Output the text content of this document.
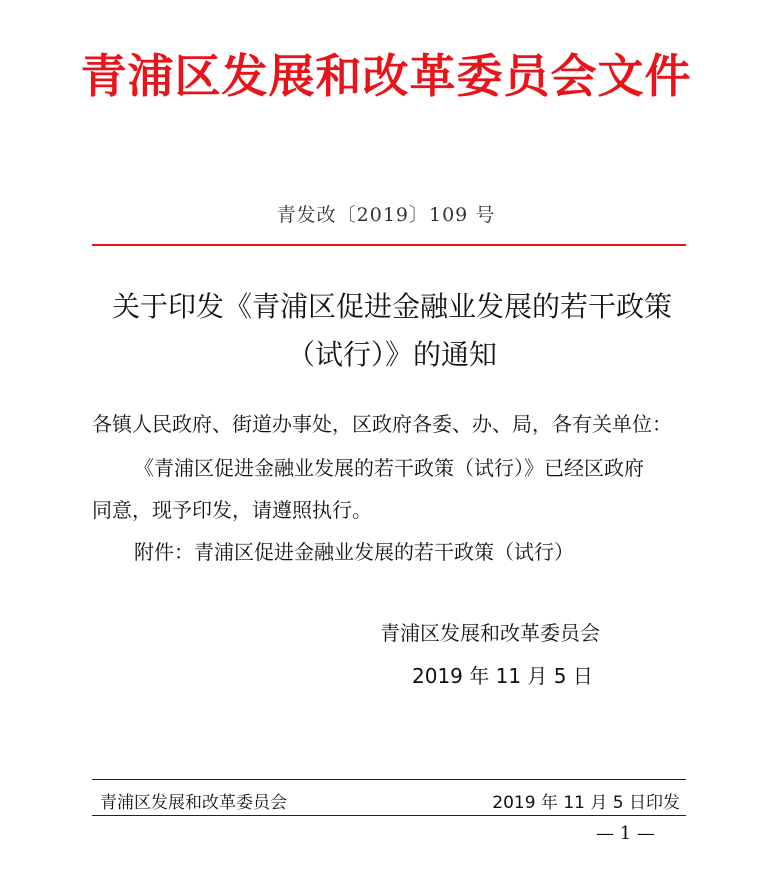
青浦区发展和改革委员会文件
青发改〔2019〕109 号
关于印发《青浦区促进金融业发展的若干政策
（试行）》的通知
各镇人民政府、街道办事处，区政府各委、办、局，各有关单位：
《青浦区促进金融业发展的若干政策（试行）》已经区政府
同意，现予印发，请遵照执行。
附件：青浦区促进金融业发展的若干政策（试行）
青浦区发展和改革委员会
2019 年 11 月 5 日
青浦区发展和改革委员会	2019 年 11 月 5 日印发
— 1 —
